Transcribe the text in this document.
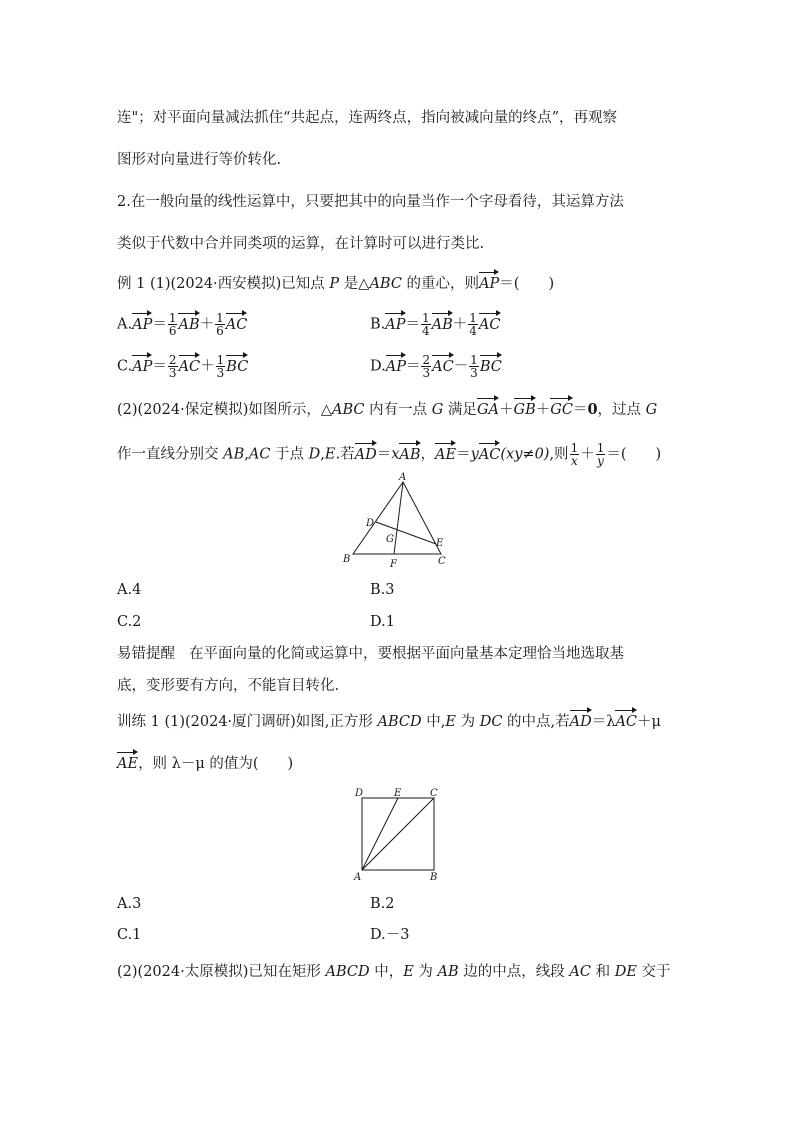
连"；对平面向量减法抓住“共起点，连两终点，指向被减向量的终点”，再观察
图形对向量进行等价转化.
2.在一般向量的线性运算中，只要把其中的向量当作一个字母看待，其运算方法
类似于代数中合并同类项的运算，在计算时可以进行类比.
例 1 (1)(2024·西安模拟)已知点 P 是△ABC 的重心，则AP＝(　　)
$A.AP= \frac{1}{6} AB+ \frac{1}{6}$ AC	$B.AP= \frac{1}{4} AB+ \frac{1}{4}$ AC
$C.AP= \frac{2}{3} AC+ \frac{1}{3}$ BC	$D.AP= \frac{2}{3} AC- \frac{1}{3}$ BC
(2)(2024·保定模拟)如图所示，△ABC 内有一点 G 满足GA＋GB＋GC＝0，过点 G
作一直线分别交 AB,AC 于点 D,E.若AD＝xAB，AE＝yAC(xy≠0),则 $\frac{1}{x} + \frac{1}{y}$ ＝(　　)
A
B	C
D
E
F
G
A.4	B.3
C.2	D.1
易错提醒 在平面向量的化简或运算中，要根据平面向量基本定理恰当地选取基
底，变形要有方向，不能盲目转化.
训练 1 (1)(2024·厦门调研)如图,正方形 ABCD 中,E 为 DC 的中点,若AD＝λAC＋μ
AE，则 λ－μ 的值为(　　)
D	E	C
A	B
A.3	B.2
C.1	D.－3
(2)(2024·太原模拟)已知在矩形 ABCD 中，E 为 AB 边的中点，线段 AC 和 DE 交于
